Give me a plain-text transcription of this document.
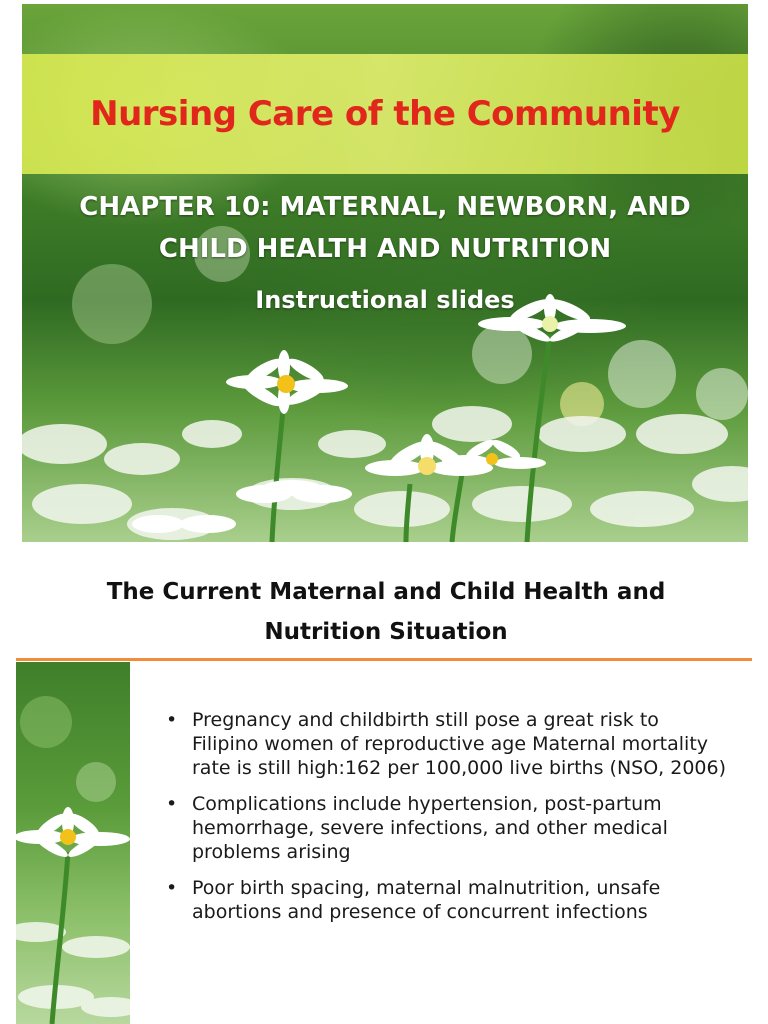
Nursing Care of the Community
CHAPTER 10: MATERNAL, NEWBORN, AND CHILD HEALTH AND NUTRITION
Instructional slides
The Current Maternal and Child Health and Nutrition Situation
• Pregnancy and childbirth still pose a great risk to Filipino women of reproductive age Maternal mortality rate is still high:162 per 100,000 live births (NSO, 2006)
• Complications include hypertension, post-partum hemorrhage, severe infections, and other medical problems arising
• Poor birth spacing, maternal malnutrition, unsafe abortions and presence of concurrent infections
